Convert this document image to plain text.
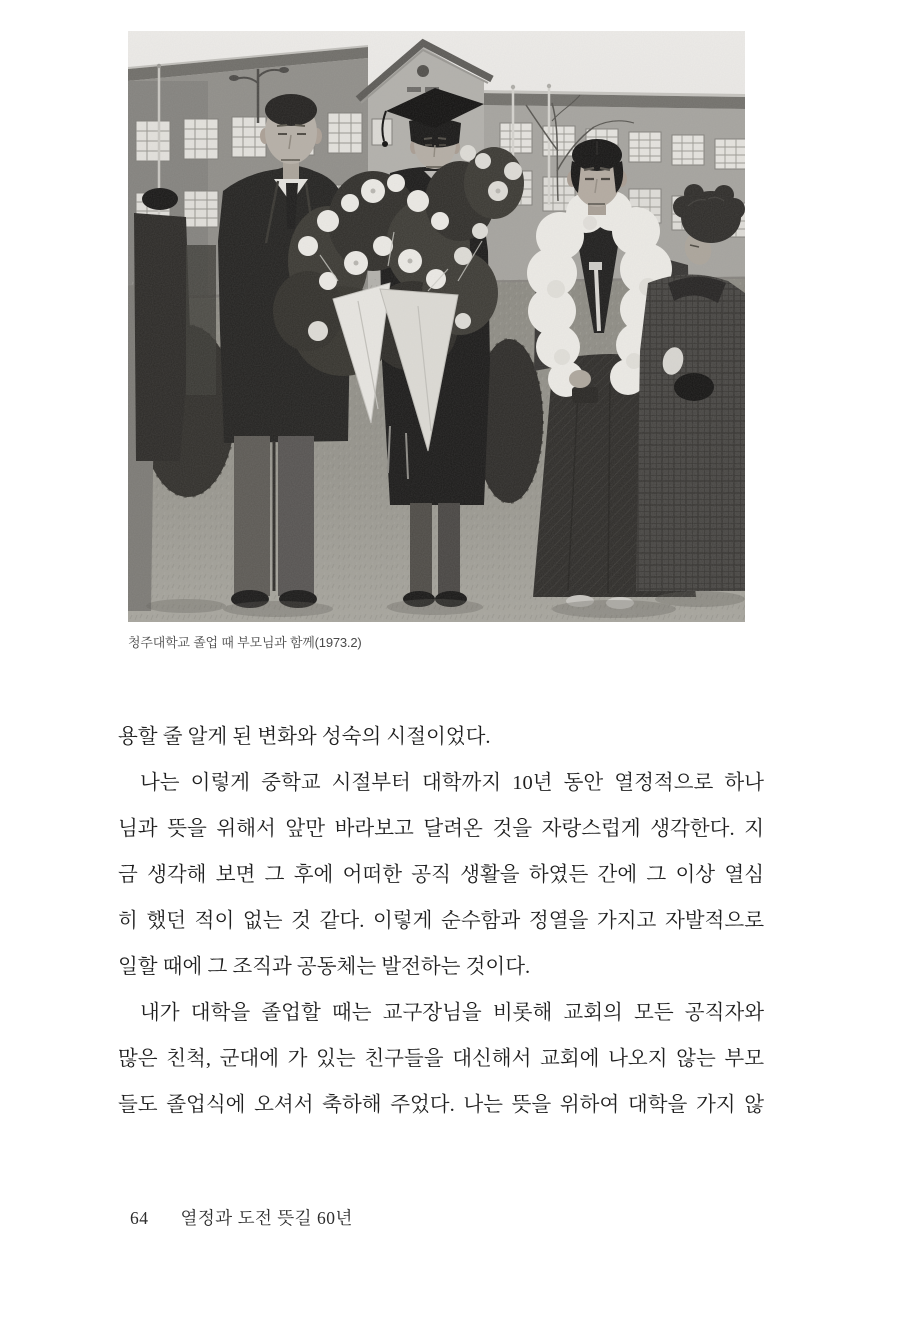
청주대학교 졸업 때 부모님과 함께(1973.2)

용할 줄 알게 된 변화와 성숙의 시절이었다.

나는 이렇게 중학교 시절부터 대학까지 10년 동안 열정적으로 하나

님과 뜻을 위해서 앞만 바라보고 달려온 것을 자랑스럽게 생각한다. 지

금 생각해 보면 그 후에 어떠한 공직 생활을 하였든 간에 그 이상 열심

히 했던 적이 없는 것 같다. 이렇게 순수함과 정열을 가지고 자발적으로

일할 때에 그 조직과 공동체는 발전하는 것이다.

내가 대학을 졸업할 때는 교구장님을 비롯해 교회의 모든 공직자와

많은 친척, 군대에 가 있는 친구들을 대신해서 교회에 나오지 않는 부모

들도 졸업식에 오셔서 축하해 주었다. 나는 뜻을 위하여 대학을 가지 않

64 열정과 도전 뜻길 60년
